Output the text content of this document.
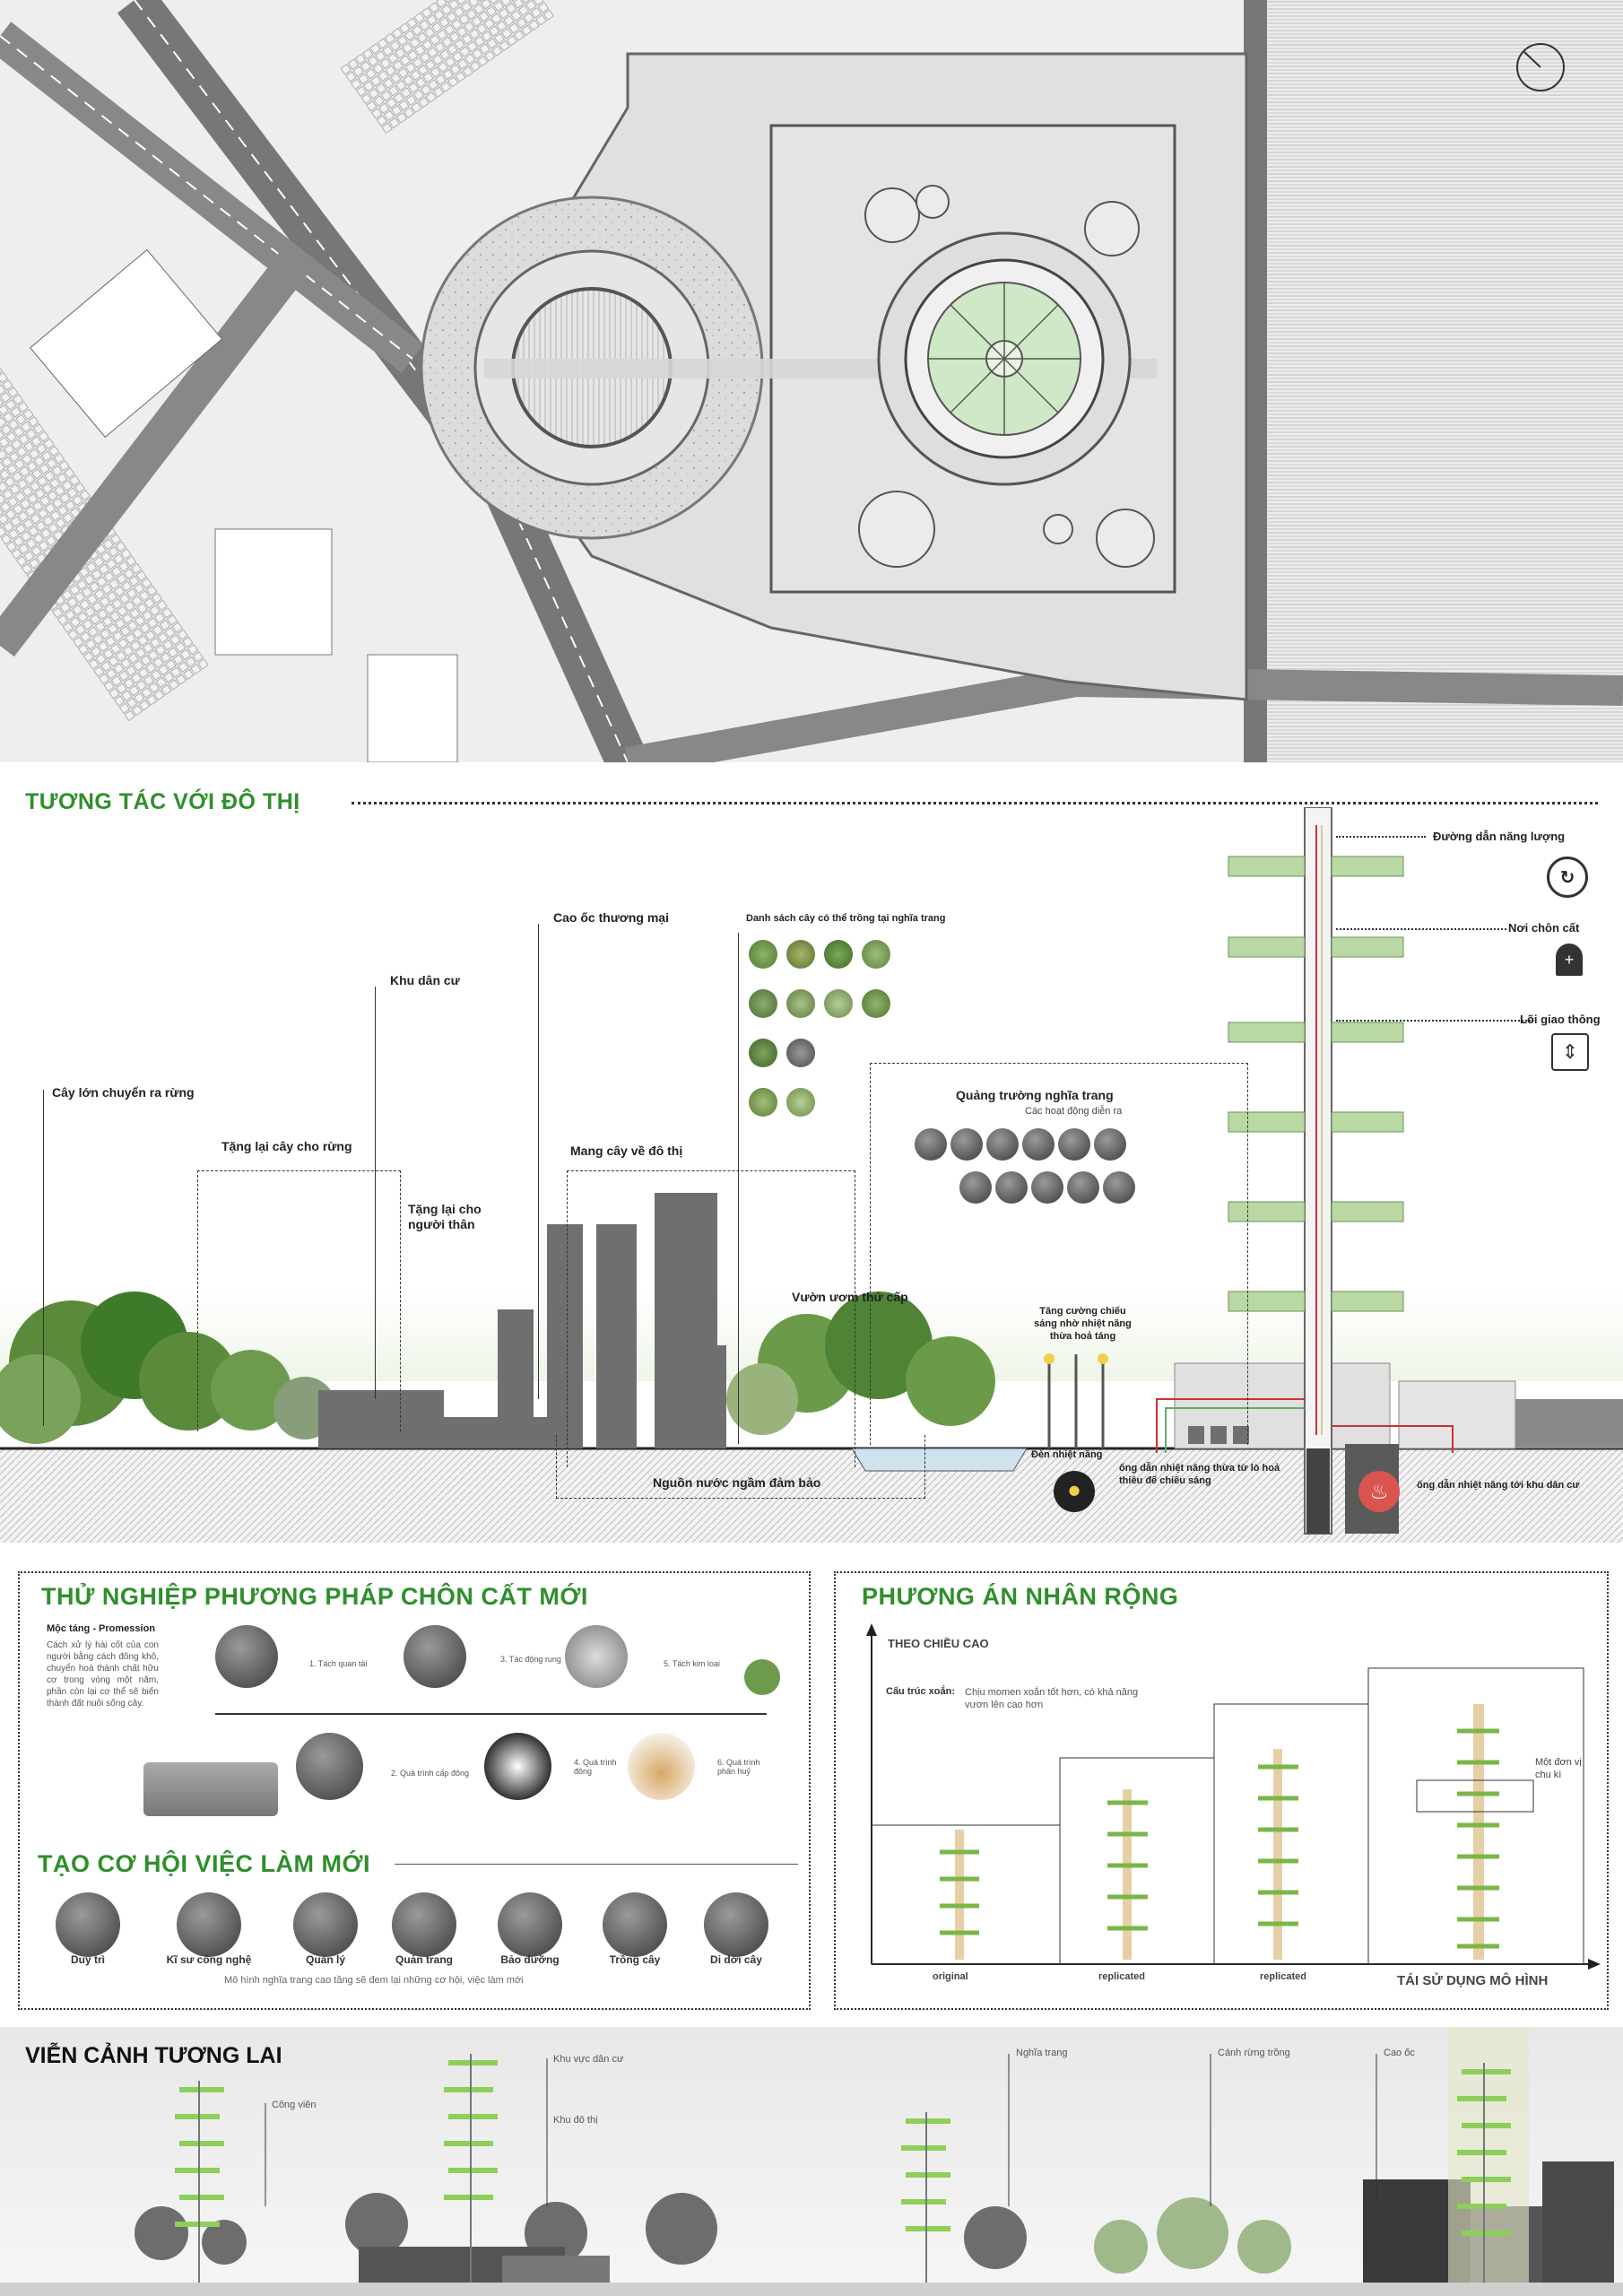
TƯƠNG TÁC VỚI ĐÔ THỊ
Cây lớn chuyển ra rừng
Tặng lại cây cho rừng
Khu dân cư
Tặng lại cho người thân
Cao ốc thương mại
Mang cây về đô thị
Danh sách cây có thể trồng tại nghĩa trang
Quảng trường nghĩa trang
Các hoạt động diễn ra
Vườn ươm thứ cấp
Tăng cường chiếu sáng nhờ nhiệt năng thừa hoả táng
Nguồn nước ngầm đảm bảo
Đèn nhiệt năng
⚫
ống dẫn nhiệt năng thừa từ lò hoả thiêu để chiếu sáng	♨	ống dẫn nhiệt năng tới khu dân cư
Đường dẫn năng lượng
↻
Nơi chôn cất
+
Lõi giao thông
⇕
THỬ NGHIỆP PHƯƠNG PHÁP CHÔN CẤT MỚI
Mộc táng - Promession
Cách xử lý hài cốt của con người bằng cách đông khô, chuyển hoá thành chất hữu cơ trong vòng một năm, phần còn lại cơ thể sẽ biến thành đất nuôi sống cây.
1. Tách quan tài
2. Quá trình cấp đông
3. Tác động rung
4. Quá trình đông
5. Tách kim loại
6. Quá trình phân huỷ
TẠO CƠ HỘI VIỆC LÀM MỚI
Duy trì	Kĩ sư công nghệ	Quản lý	Quản trang	Bảo dưỡng	Trồng cây	Di dời cây
Mô hình nghĩa trang cao tầng sẽ đem lại những cơ hội, việc làm mới
PHƯƠNG ÁN NHÂN RỘNG
THEO CHIỀU CAO
Cấu trúc xoắn: Chịu momen xoắn tốt hơn, có khả năng vươn lên cao hơn
Một đơn vị chu kì
original	replicated	replicated	TÁI SỬ DỤNG MÔ HÌNH
VIỄN CẢNH TƯƠNG LAI
Công viên
Khu vực dân cư
Khu đô thị
Nghĩa trang	Cánh rừng trồng	Cao ốc
